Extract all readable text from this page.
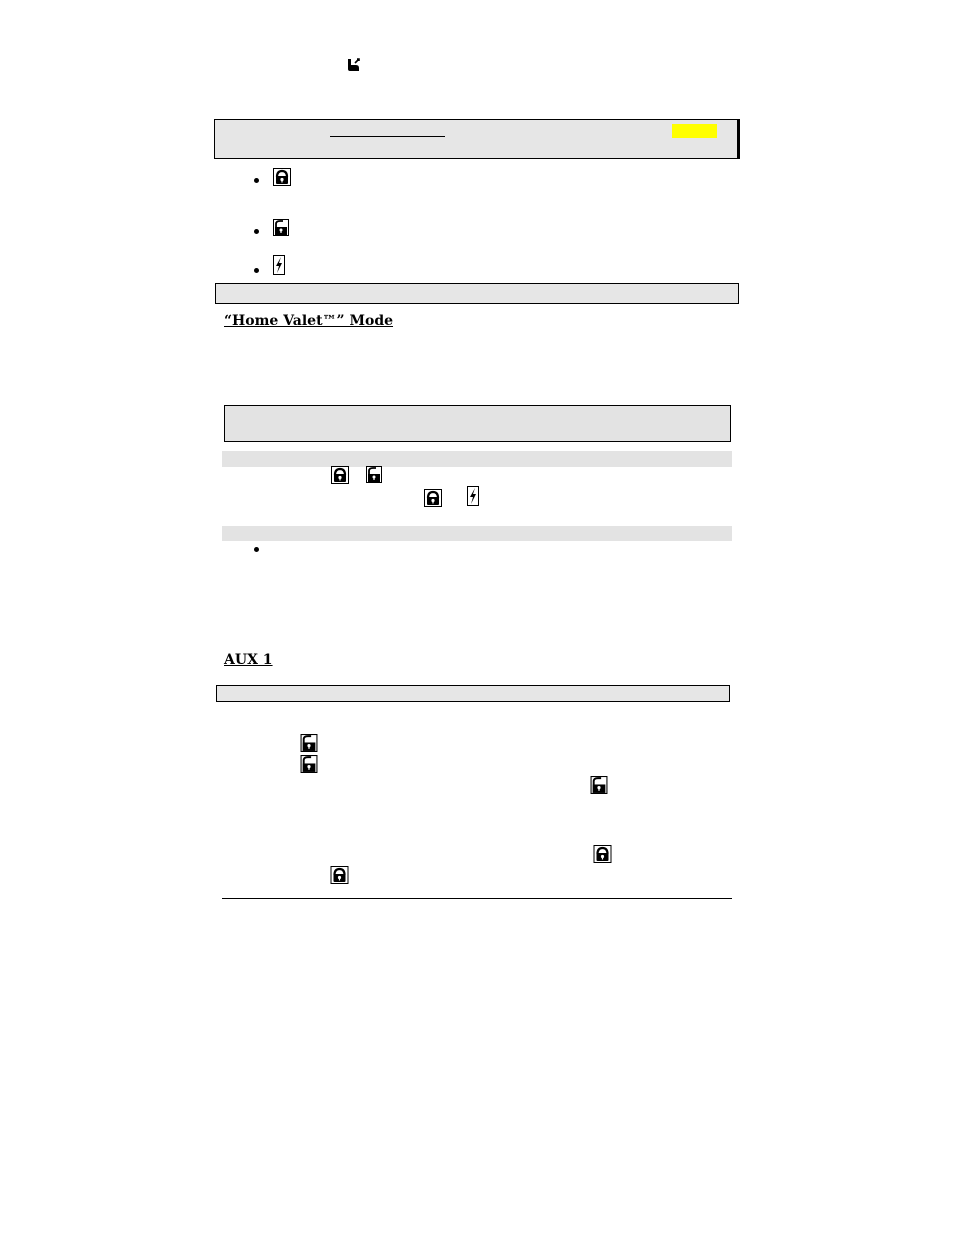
“Home Valet™” Mode
AUX 1
